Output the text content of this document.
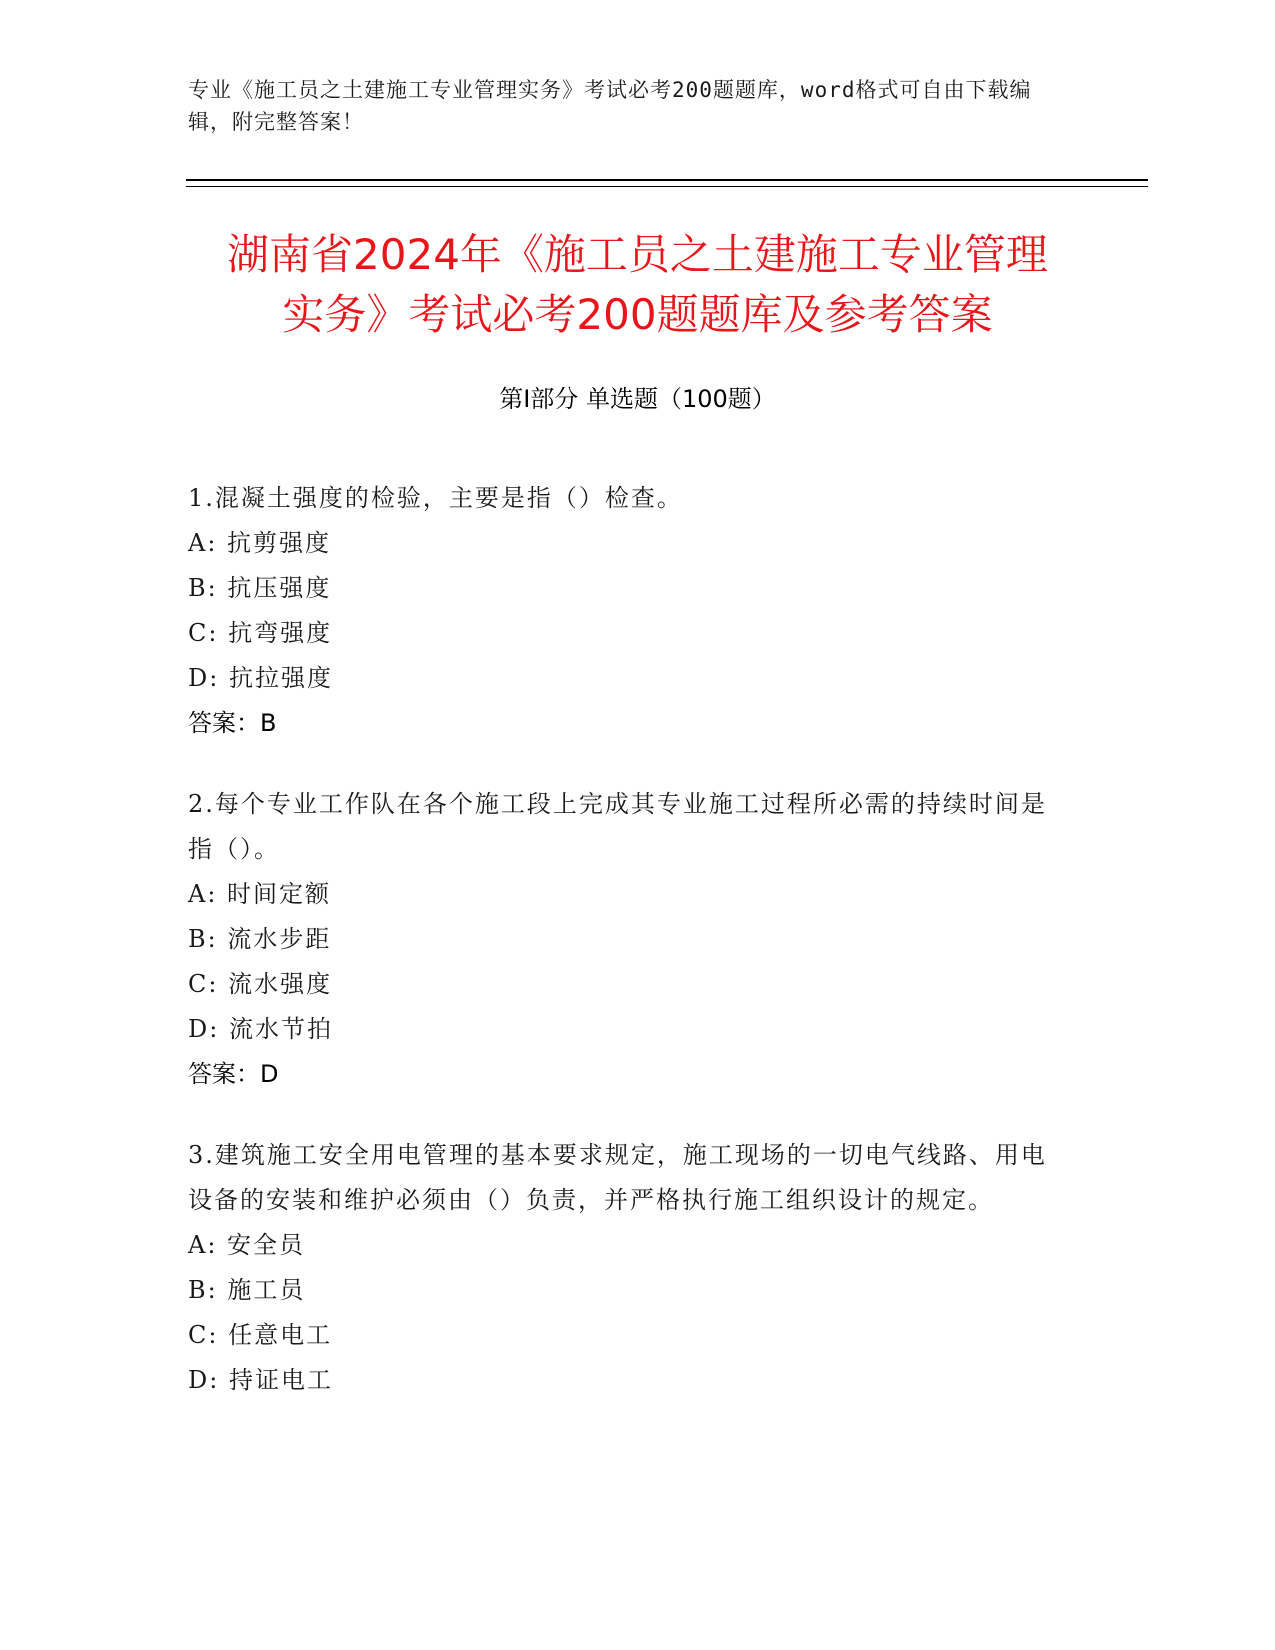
专业《施工员之土建施工专业管理实务》考试必考200题题库，word格式可自由下载编辑，附完整答案！
湖南省2024年《施工员之土建施工专业管理
实务》考试必考200题题库及参考答案
第I部分 单选题（100题）

1.混凝土强度的检验，主要是指（）检查。

A: 抗剪强度

B: 抗压强度

C: 抗弯强度

D: 抗拉强度

答案：B

2.每个专业工作队在各个施工段上完成其专业施工过程所必需的持续时间是指（）。

A: 时间定额

B: 流水步距

C: 流水强度

D: 流水节拍

答案：D

3.建筑施工安全用电管理的基本要求规定，施工现场的一切电气线路、用电设备的安装和维护必须由（）负责，并严格执行施工组织设计的规定。

A: 安全员

B: 施工员

C: 任意电工

D: 持证电工
